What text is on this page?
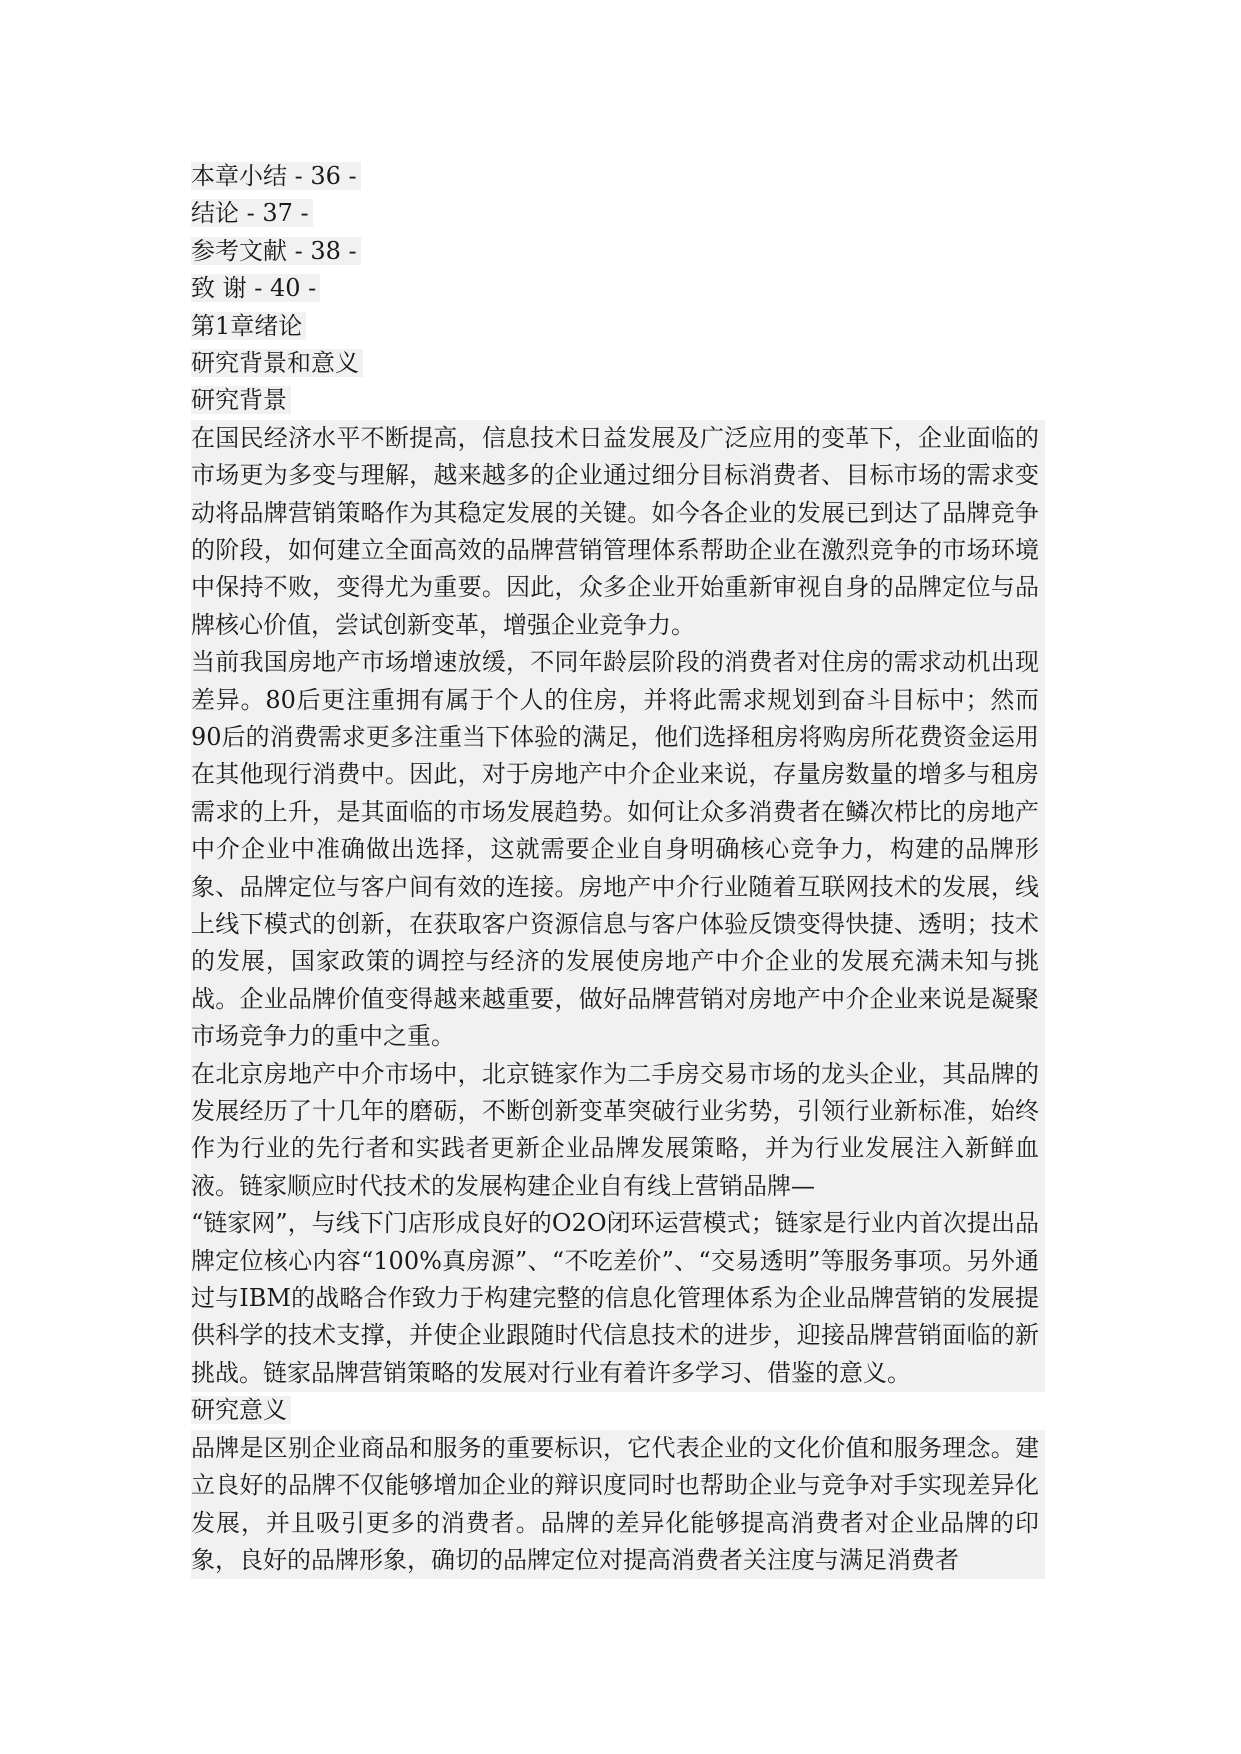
本章小结 - 36 -
结论 - 37 -
参考文献 - 38 -
致 谢 - 40 -
第1章绪论
研究背景和意义
研究背景
在国民经济水平不断提高，信息技术日益发展及广泛应用的变革下，企业面临的市场更为多变与理解，越来越多的企业通过细分目标消费者、目标市场的需求变动将品牌营销策略作为其稳定发展的关键。如今各企业的发展已到达了品牌竞争的阶段，如何建立全面高效的品牌营销管理体系帮助企业在激烈竞争的市场环境中保持不败，变得尤为重要。因此，众多企业开始重新审视自身的品牌定位与品牌核心价值，尝试创新变革，增强企业竞争力。
当前我国房地产市场增速放缓，不同年龄层阶段的消费者对住房的需求动机出现差异。80后更注重拥有属于个人的住房，并将此需求规划到奋斗目标中；然而90后的消费需求更多注重当下体验的满足，他们选择租房将购房所花费资金运用在其他现行消费中。因此，对于房地产中介企业来说，存量房数量的增多与租房需求的上升，是其面临的市场发展趋势。如何让众多消费者在鳞次栉比的房地产中介企业中准确做出选择，这就需要企业自身明确核心竞争力，构建的品牌形象、品牌定位与客户间有效的连接。房地产中介行业随着互联网技术的发展，线上线下模式的创新，在获取客户资源信息与客户体验反馈变得快捷、透明；技术的发展，国家政策的调控与经济的发展使房地产中介企业的发展充满未知与挑战。企业品牌价值变得越来越重要，做好品牌营销对房地产中介企业来说是凝聚市场竞争力的重中之重。
在北京房地产中介市场中，北京链家作为二手房交易市场的龙头企业，其品牌的发展经历了十几年的磨砺，不断创新变革突破行业劣势，引领行业新标准，始终作为行业的先行者和实践者更新企业品牌发展策略，并为行业发展注入新鲜血液。链家顺应时代技术的发展构建企业自有线上营销品牌—
“链家网”，与线下门店形成良好的O2O闭环运营模式；链家是行业内首次提出品牌定位核心内容“100%真房源”、“不吃差价”、“交易透明”等服务事项。另外通过与IBM的战略合作致力于构建完整的信息化管理体系为企业品牌营销的发展提供科学的技术支撑，并使企业跟随时代信息技术的进步，迎接品牌营销面临的新挑战。链家品牌营销策略的发展对行业有着许多学习、借鉴的意义。
研究意义
品牌是区别企业商品和服务的重要标识，它代表企业的文化价值和服务理念。建立良好的品牌不仅能够增加企业的辩识度同时也帮助企业与竞争对手实现差异化发展，并且吸引更多的消费者。品牌的差异化能够提高消费者对企业品牌的印象，良好的品牌形象，确切的品牌定位对提高消费者关注度与满足消费者
